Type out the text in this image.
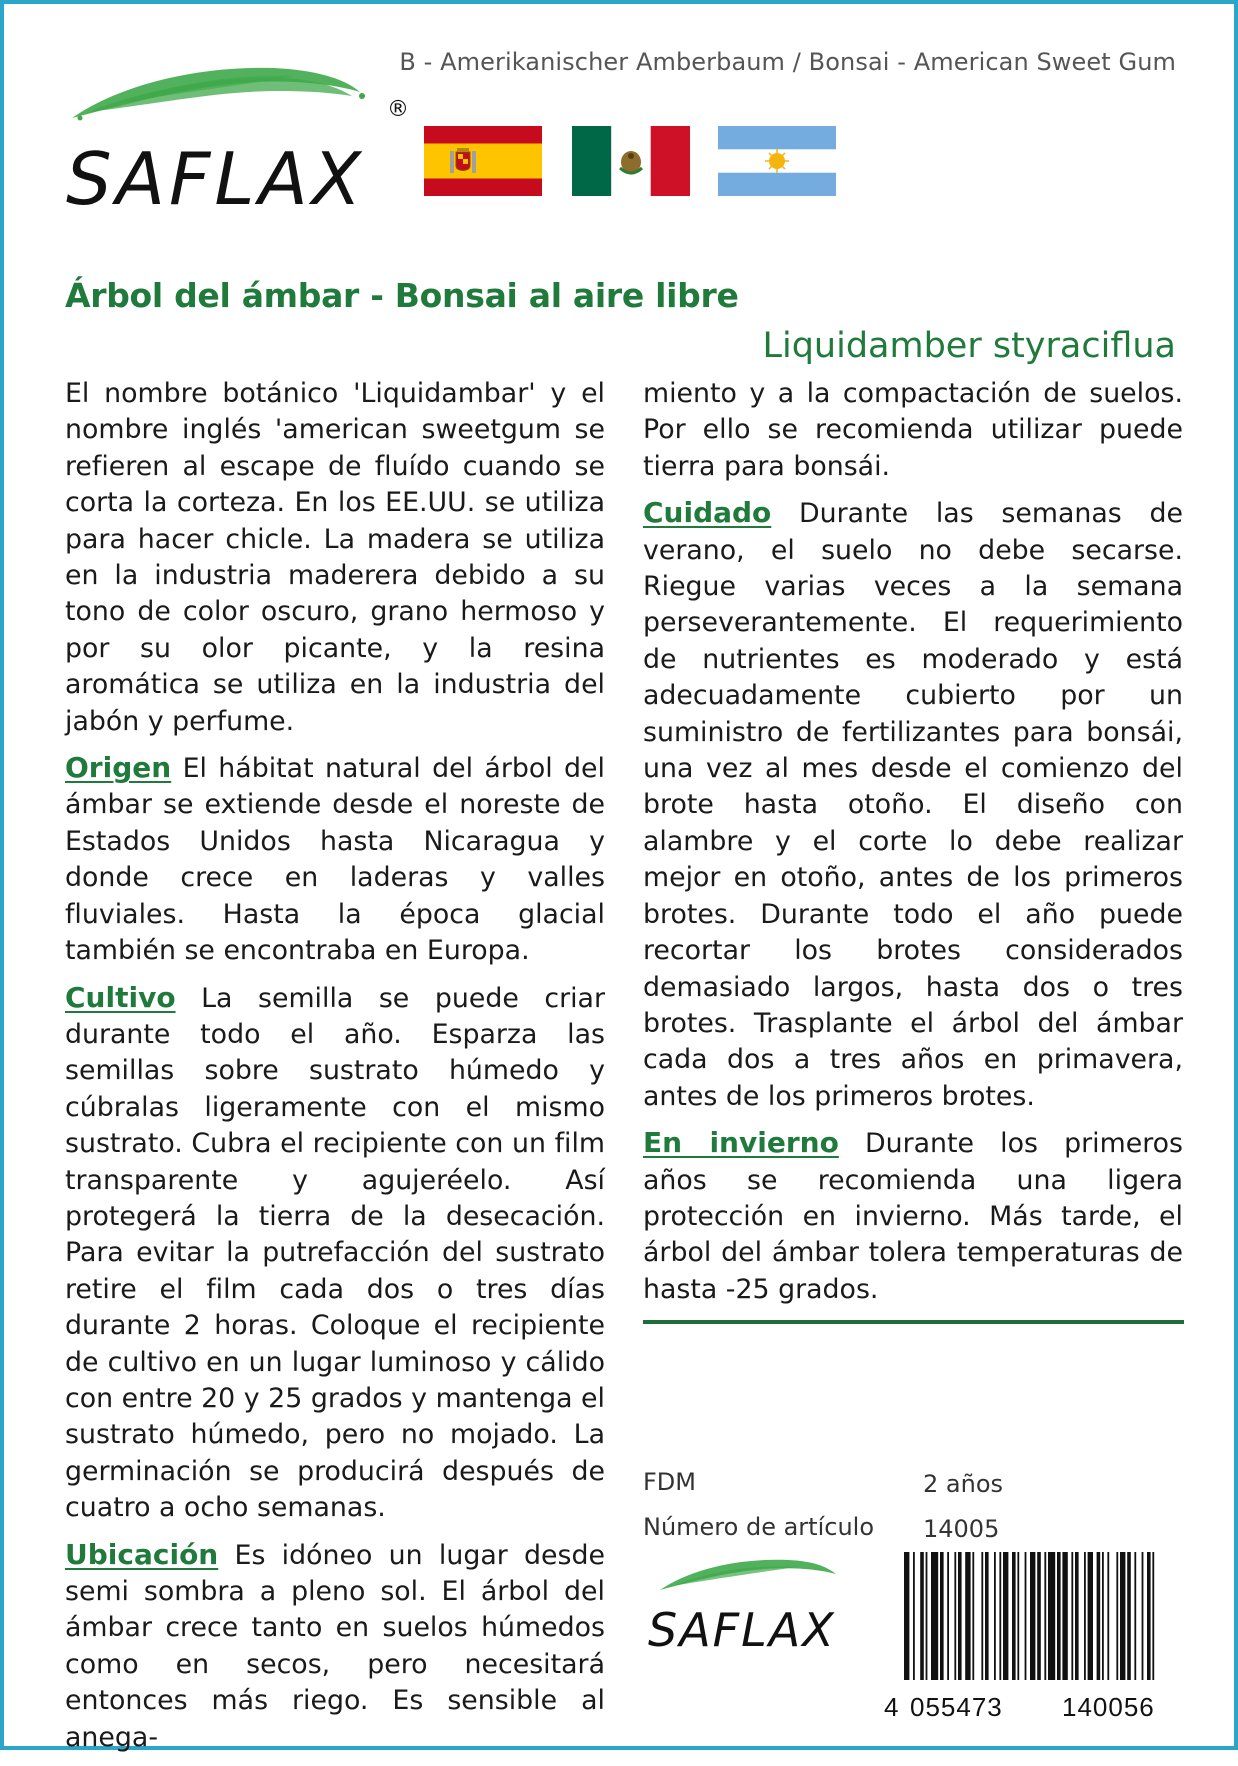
B - Amerikanischer Amberbaum / Bonsai - American Sweet Gum
SAFLAX
®
Árbol del ámbar - Bonsai al aire libre
Liquidamber styraciflua

El nombre botánico 'Liquidambar' y el nombre inglés 'american sweetgum se refieren al escape de fluído cuando se corta la corteza. En los EE.UU. se utiliza para hacer chicle. La madera se utiliza en la industria maderera debido a su tono de color oscuro, grano hermoso y por su olor picante, y la resina aromática se utiliza en la industria del jabón y perfume.

Origen El hábitat natural del árbol del ámbar se extiende desde el noreste de Estados Unidos hasta Nicaragua y donde crece en laderas y valles fluviales. Hasta la época glacial también se encontraba en Europa.

Cultivo La semilla se puede criar durante todo el año. Esparza las semillas sobre sustrato húmedo y cúbralas ligeramente con el mismo sustrato. Cubra el recipiente con un film transparente y agujeréelo. Así protegerá la tierra de la desecación. Para evitar la putrefacción del sustrato retire el film cada dos o tres días durante 2 horas. Coloque el recipiente de cultivo en un lugar luminoso y cálido con entre 20 y 25 grados y mantenga el sustrato húmedo, pero no mojado. La germinación se producirá después de cuatro a ocho semanas.

Ubicación Es idóneo un lugar desde semi sombra a pleno sol. El árbol del ámbar crece tanto en suelos húmedos como en secos, pero necesitará entonces más riego. Es sensible al anega-

miento y a la compactación de suelos. Por ello se recomienda utilizar puede tierra para bonsái.

Cuidado Durante las semanas de verano, el suelo no debe secarse. Riegue varias veces a la semana perseverantemente. El requerimiento de nutrientes es moderado y está adecuadamente cubierto por un suministro de fertilizantes para bonsái, una vez al mes desde el comienzo del brote hasta otoño. El diseño con alambre y el corte lo debe realizar mejor en otoño, antes de los primeros brotes. Durante todo el año puede recortar los brotes considerados demasiado largos, hasta dos o tres brotes. Trasplante el árbol del ámbar cada dos a tres años en primavera, antes de los primeros brotes.

En invierno Durante los primeros años se recomienda una ligera protección en invierno. Más tarde, el árbol del ámbar tolera temperaturas de hasta -25 grados.

FDM	2 años
Número de artículo 14005
SAFLAX
4 055473 140056
